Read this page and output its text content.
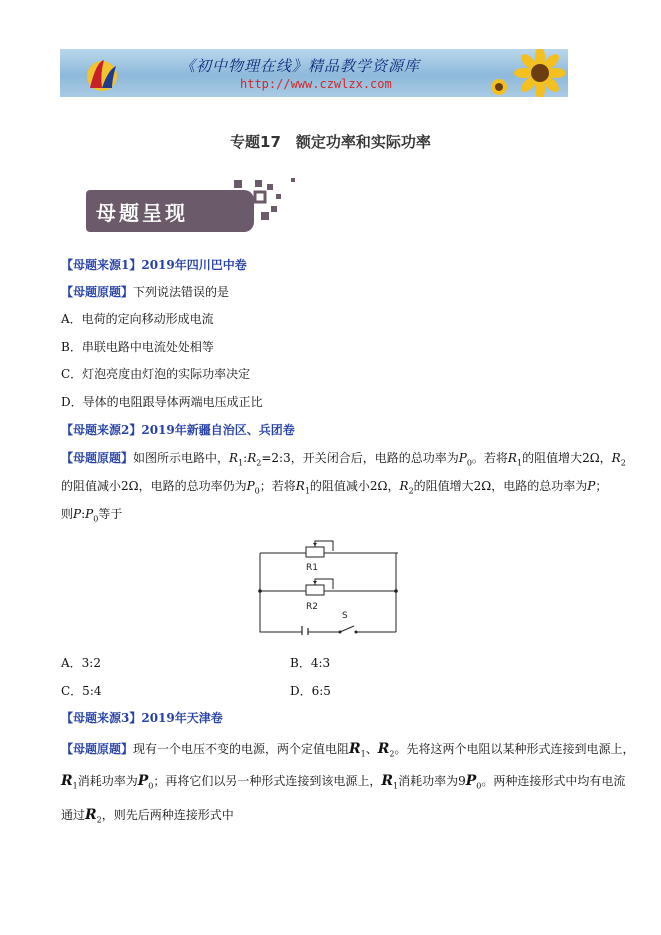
《初中物理在线》精品教学资源库
http://www.czwlzx.com
专题17　额定功率和实际功率
母题呈现
【母题来源1】2019年四川巴中卷
【母题原题】下列说法错误的是
A．电荷的定向移动形成电流
B．串联电路中电流处处相等
C．灯泡亮度由灯泡的实际功率决定
D．导体的电阻跟导体两端电压成正比
【母题来源2】2019年新疆自治区、兵团卷
【母题原题】如图所示电路中，$R_1:R_2=2:3$，开关闭合后，电路的总功率为$P_0$。若将$R_1$的阻值增大2Ω，$R_2$
的阻值减小2Ω，电路的总功率仍为$P_0$；若将$R_1$的阻值减小2Ω，$R_2$的阻值增大2Ω，电路的总功率为P；
则$P:P_0$等于
R1
R2
S
A．3:2	B．4:3
C．5:4	D．6:5
【母题来源3】2019年天津卷
【母题原题】现有一个电压不变的电源，两个定值电阻$R_1$、$R_2$。先将这两个电阻以某种形式连接到电源上，
$R_1$消耗功率为$P_0$；再将它们以另一种形式连接到该电源上，$R_1$消耗功率为$9P_0$。两种连接形式中均有电流
通过$R_2$，则先后两种连接形式中
